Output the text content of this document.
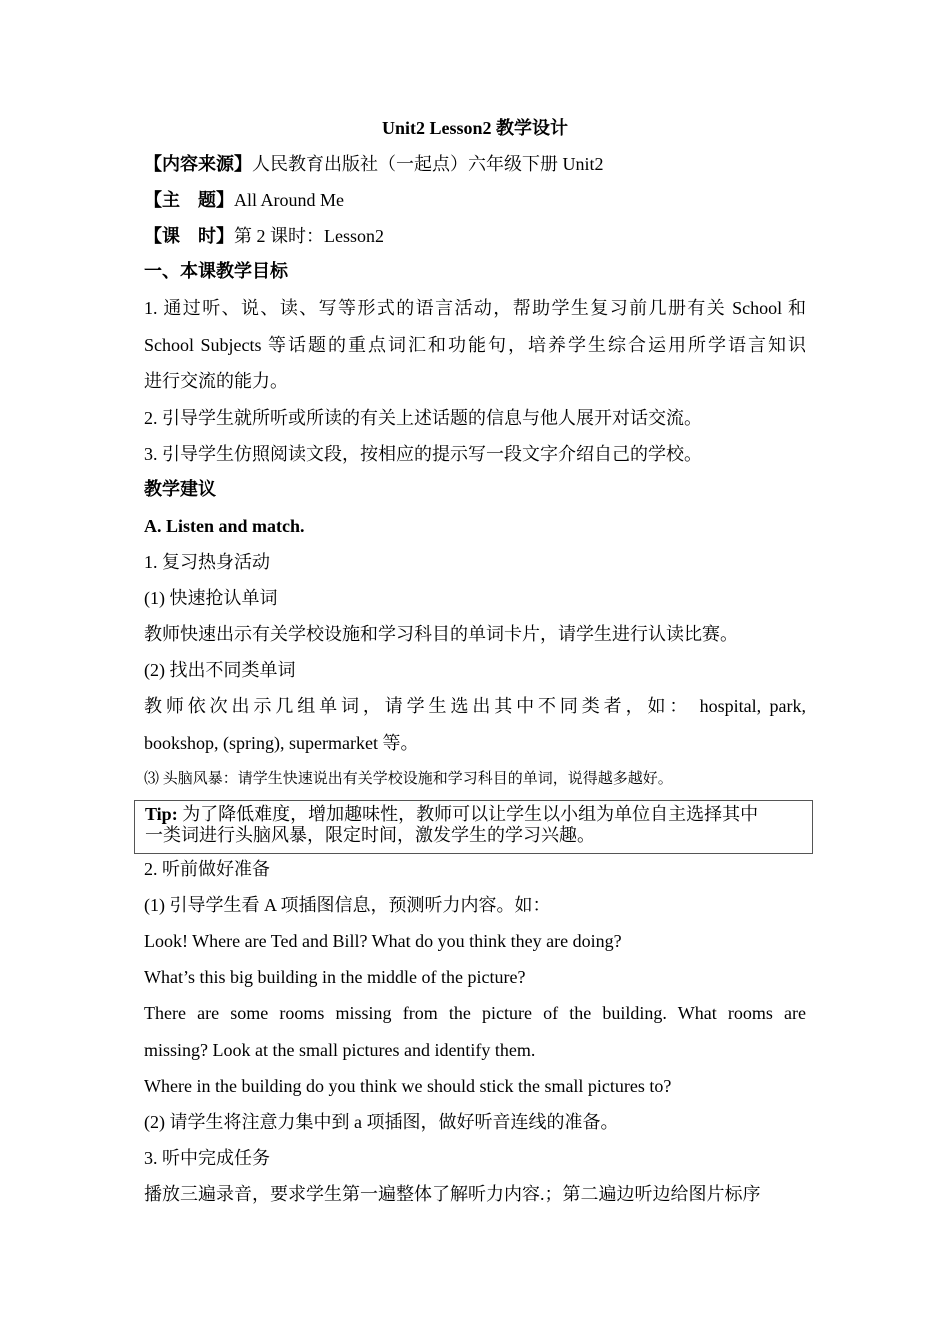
Unit2 Lesson2 教学设计
【内容来源】人民教育出版社（一起点）六年级下册 Unit2
【主　题】All Around Me
【课　时】第 2 课时：Lesson2
一、本课教学目标
1. 通过听、说、读、写等形式的语言活动，帮助学生复习前几册有关 School 和
School Subjects 等话题的重点词汇和功能句，培养学生综合运用所学语言知识
进行交流的能力。
2. 引导学生就所听或所读的有关上述话题的信息与他人展开对话交流。
3. 引导学生仿照阅读文段，按相应的提示写一段文字介绍自己的学校。
教学建议
A. Listen and match.
1. 复习热身活动
(1) 快速抢认单词
教师快速出示有关学校设施和学习科目的单词卡片，请学生进行认读比赛。
(2) 找出不同类单词
教师依次出示几组单词，请学生选出其中不同类者，如： hospital, park,
bookshop, (spring), supermarket 等。
⑶ 头脑风暴：请学生快速说出有关学校设施和学习科目的单词，说得越多越好。
Tip: 为了降低难度，增加趣味性，教师可以让学生以小组为单位自主选择其中
一类词进行头脑风暴，限定时间，激发学生的学习兴趣。
2. 听前做好准备
(1) 引导学生看 A 项插图信息，预测听力内容。如：
Look! Where are Ted and Bill? What do you think they are doing?
What’s this big building in the middle of the picture?
There are some rooms missing from the picture of the building. What rooms are
missing? Look at the small pictures and identify them.
Where in the building do you think we should stick the small pictures to?
(2) 请学生将注意力集中到 a 项插图，做好听音连线的准备。
3. 听中完成任务
播放三遍录音，要求学生第一遍整体了解听力内容.；第二遍边听边给图片标序
